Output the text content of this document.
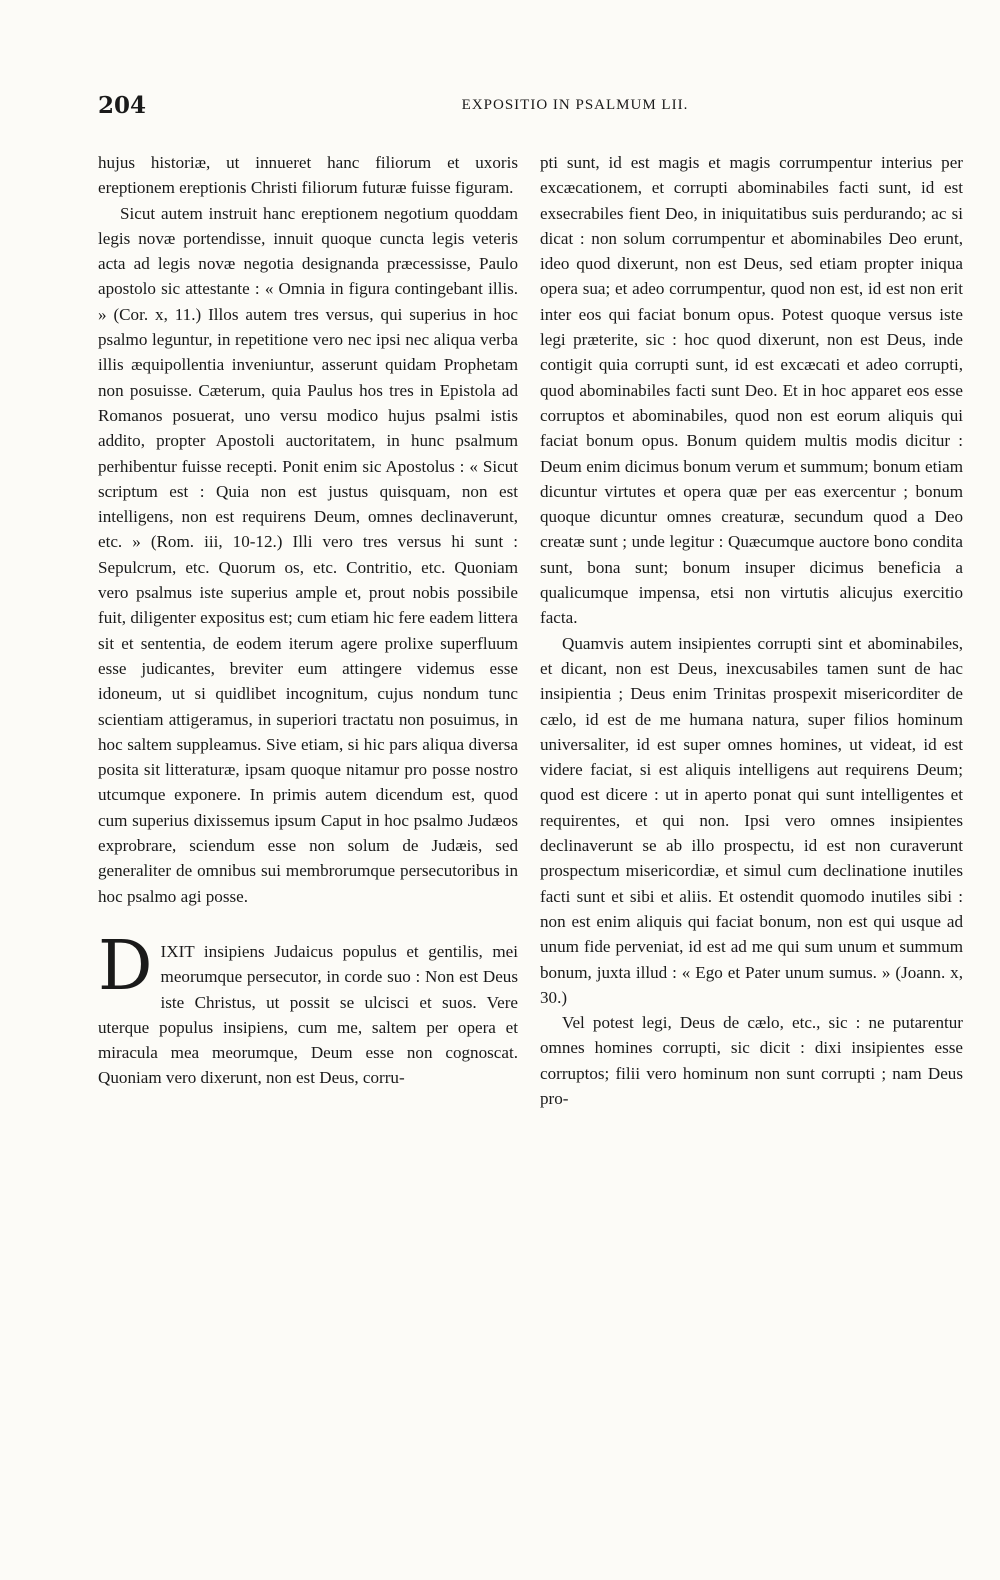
204	EXPOSITIO IN PSALMUM LII.

hujus historiæ, ut innueret hanc filiorum et uxoris ereptionem ereptionis Christi filiorum futuræ fuisse figuram.

Sicut autem instruit hanc ereptionem negotium quoddam legis novæ portendisse, innuit quoque cuncta legis veteris acta ad legis novæ negotia designanda præcessisse, Paulo apostolo sic attestante : « Omnia in figura contingebant illis. » (Cor. x, 11.) Illos autem tres versus, qui superius in hoc psalmo leguntur, in repetitione vero nec ipsi nec aliqua verba illis æquipollentia inveniuntur, asserunt quidam Prophetam non posuisse. Cæterum, quia Paulus hos tres in Epistola ad Romanos posuerat, uno versu modico hujus psalmi istis addito, propter Apostoli auctoritatem, in hunc psalmum perhibentur fuisse recepti. Ponit enim sic Apostolus : « Sicut scriptum est : Quia non est justus quisquam, non est intelligens, non est requirens Deum, omnes declinaverunt, etc. » (Rom. iii, 10-12.) Illi vero tres versus hi sunt : Sepulcrum, etc. Quorum os, etc. Contritio, etc. Quoniam vero psalmus iste superius ample et, prout nobis possibile fuit, diligenter expositus est; cum etiam hic fere eadem littera sit et sententia, de eodem iterum agere prolixe superfluum esse judicantes, breviter eum attingere videmus esse idoneum, ut si quidlibet incognitum, cujus nondum tunc scientiam attigeramus, in superiori tractatu non posuimus, in hoc saltem suppleamus. Sive etiam, si hic pars aliqua diversa posita sit litteraturæ, ipsam quoque nitamur pro posse nostro utcumque exponere. In primis autem dicendum est, quod cum superius dixissemus ipsum Caput in hoc psalmo Judæos exprobrare, sciendum esse non solum de Judæis, sed generaliter de omnibus sui membrorumque persecutoribus in hoc psalmo agi posse.

D IXIT insipiens Judaicus populus et gentilis, mei meorumque persecutor, in corde suo : Non est Deus iste Christus, ut possit se ulcisci et suos. Vere uterque populus insipiens, cum me, saltem per opera et miracula mea meorumque, Deum esse non cognoscat. Quoniam vero dixerunt, non est Deus, corru-

pti sunt, id est magis et magis corrumpentur interius per excæcationem, et corrupti abominabiles facti sunt, id est exsecrabiles fient Deo, in iniquitatibus suis perdurando; ac si dicat : non solum corrumpentur et abominabiles Deo erunt, ideo quod dixerunt, non est Deus, sed etiam propter iniqua opera sua; et adeo corrumpentur, quod non est, id est non erit inter eos qui faciat bonum opus. Potest quoque versus iste legi præterite, sic : hoc quod dixerunt, non est Deus, inde contigit quia corrupti sunt, id est excæcati et adeo corrupti, quod abominabiles facti sunt Deo. Et in hoc apparet eos esse corruptos et abominabiles, quod non est eorum aliquis qui faciat bonum opus. Bonum quidem multis modis dicitur : Deum enim dicimus bonum verum et summum; bonum etiam dicuntur virtutes et opera quæ per eas exercentur ; bonum quoque dicuntur omnes creaturæ, secundum quod a Deo creatæ sunt ; unde legitur : Quæcumque auctore bono condita sunt, bona sunt; bonum insuper dicimus beneficia a qualicumque impensa, etsi non virtutis alicujus exercitio facta.

Quamvis autem insipientes corrupti sint et abominabiles, et dicant, non est Deus, inexcusabiles tamen sunt de hac insipientia ; Deus enim Trinitas prospexit misericorditer de cælo, id est de me humana natura, super filios hominum universaliter, id est super omnes homines, ut videat, id est videre faciat, si est aliquis intelligens aut requirens Deum; quod est dicere : ut in aperto ponat qui sunt intelligentes et requirentes, et qui non. Ipsi vero omnes insipientes declinaverunt se ab illo prospectu, id est non curaverunt prospectum misericordiæ, et simul cum declinatione inutiles facti sunt et sibi et aliis. Et ostendit quomodo inutiles sibi : non est enim aliquis qui faciat bonum, non est qui usque ad unum fide perveniat, id est ad me qui sum unum et summum bonum, juxta illud : « Ego et Pater unum sumus. » (Joann. x, 30.)

Vel potest legi, Deus de cælo, etc., sic : ne putarentur omnes homines corrupti, sic dicit : dixi insipientes esse corruptos; filii vero hominum non sunt corrupti ; nam Deus pro-
